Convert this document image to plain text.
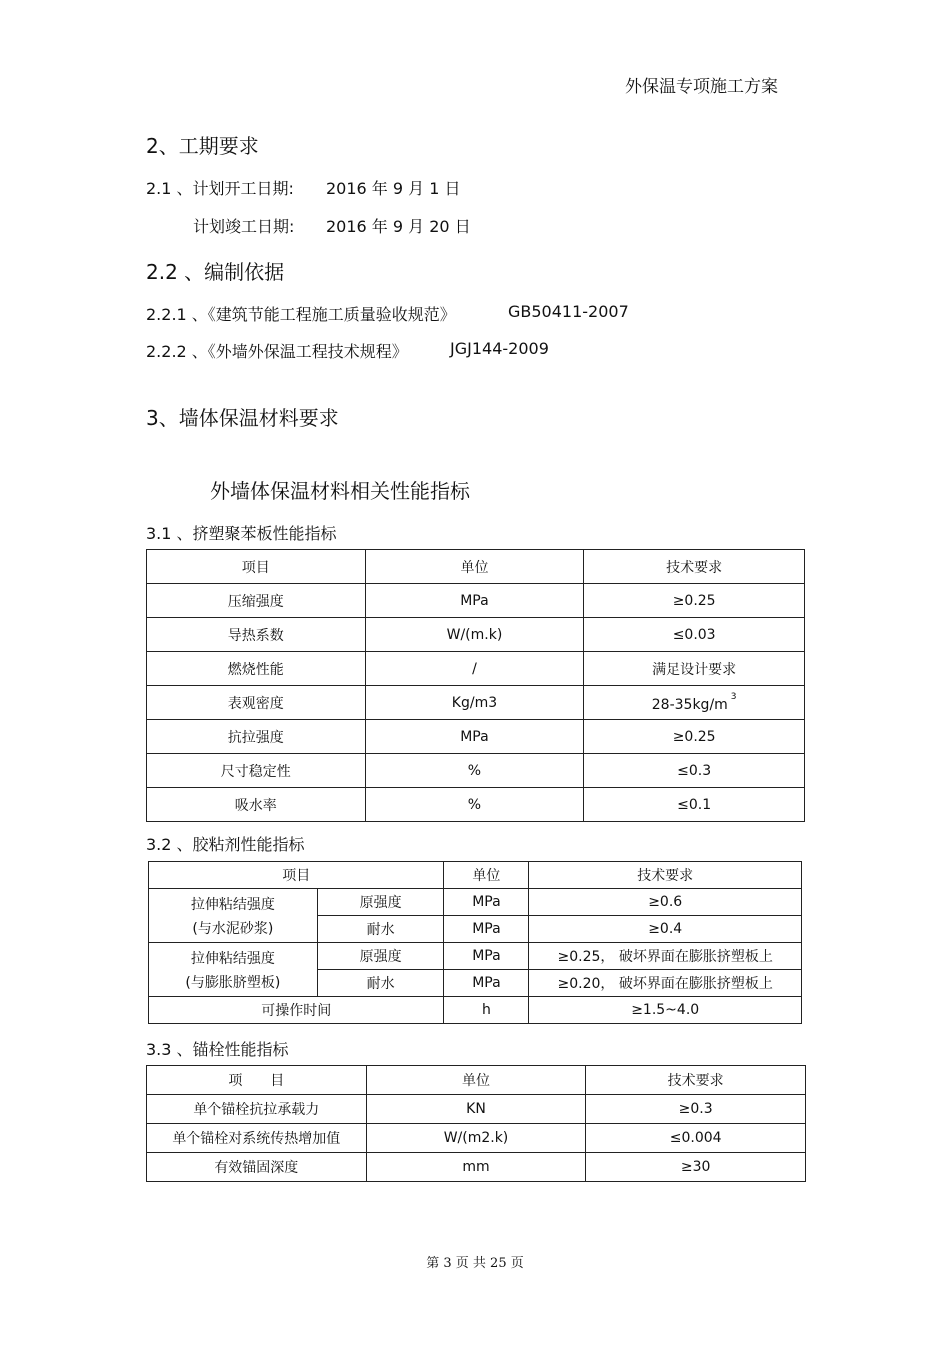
外保温专项施工方案
2、工期要求
2.1 、计划开工日期: 2016 年 9 月 1 日
计划竣工日期: 2016 年 9 月 20 日
2.2 、编制依据
2.2.1 、《建筑节能工程施工质量验收规范》	GB50411-2007
2.2.2 、《外墙外保温工程技术规程》	JGJ144-2009
3、墙体保温材料要求
外墙体保温材料相关性能指标
3.1 、挤塑聚苯板性能指标
项目	单位	技术要求
压缩强度	MPa	≥0.25
导热系数	W/(m.k)	≤0.03
燃烧性能	/	满足设计要求
表观密度	Kg/m3	28-35kg/m $^3$
抗拉强度	MPa	≥0.25
尺寸稳定性	%	≤0.3
吸水率	%	≤0.1
3.2 、胶粘剂性能指标
项目		单位	技术要求

拉伸粘结强度
(与水泥砂浆)	原强度	MPa	≥0.6
	耐水	MPa	≥0.4

拉伸粘结强度
(与膨胀脐塑板)	原强度	MPa	≥0.25， 破坏界面在膨胀挤塑板上
	耐水	MPa	≥0.20， 破坏界面在膨胀挤塑板上
可操作时间		h	≥1.5~4.0
3.3 、锚栓性能指标
项　　目	单位	技术要求
单个锚栓抗拉承载力	KN	≥0.3
单个锚栓对系统传热增加值	W/(m2.k)	≤0.004
有效锚固深度	mm	≥30
第 3 页 共 25 页
